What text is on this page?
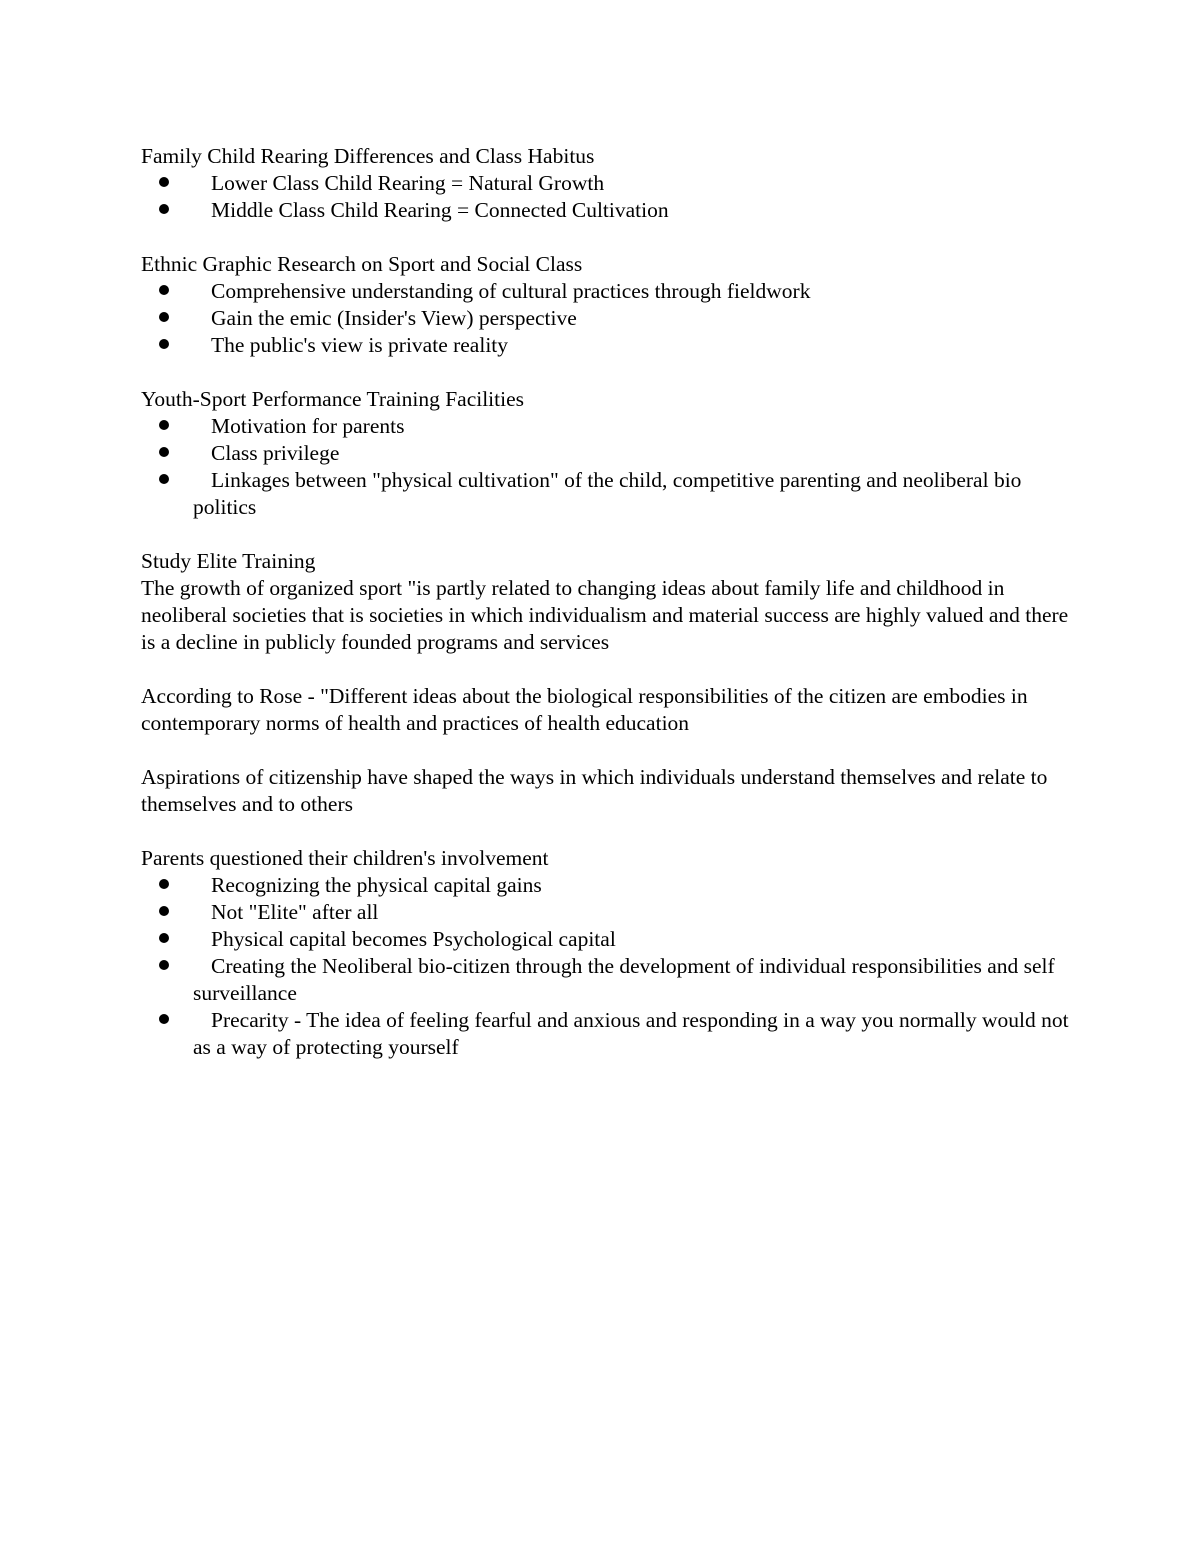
Family Child Rearing Differences and Class Habitus

Lower Class Child Rearing = Natural Growth
Middle Class Child Rearing = Connected Cultivation

Ethnic Graphic Research on Sport and Social Class

Comprehensive understanding of cultural practices through fieldwork
Gain the emic (Insider's View) perspective
The public's view is private reality

Youth-Sport Performance Training Facilities

Motivation for parents
Class privilege
Linkages between "physical cultivation" of the child, competitive parenting and neoliberal bio politics

Study Elite Training

The growth of organized sport "is partly related to changing ideas about family life and childhood in neoliberal societies that is societies in which individualism and material success are highly valued and there is a decline in publicly founded programs and services

According to Rose - "Different ideas about the biological responsibilities of the citizen are embodies in contemporary norms of health and practices of health education

Aspirations of citizenship have shaped the ways in which individuals understand themselves and relate to themselves and to others

Parents questioned their children's involvement

Recognizing the physical capital gains
Not "Elite" after all
Physical capital becomes Psychological capital
Creating the Neoliberal bio-citizen through the development of individual responsibilities and self surveillance
Precarity - The idea of feeling fearful and anxious and responding in a way you normally would not as a way of protecting yourself
